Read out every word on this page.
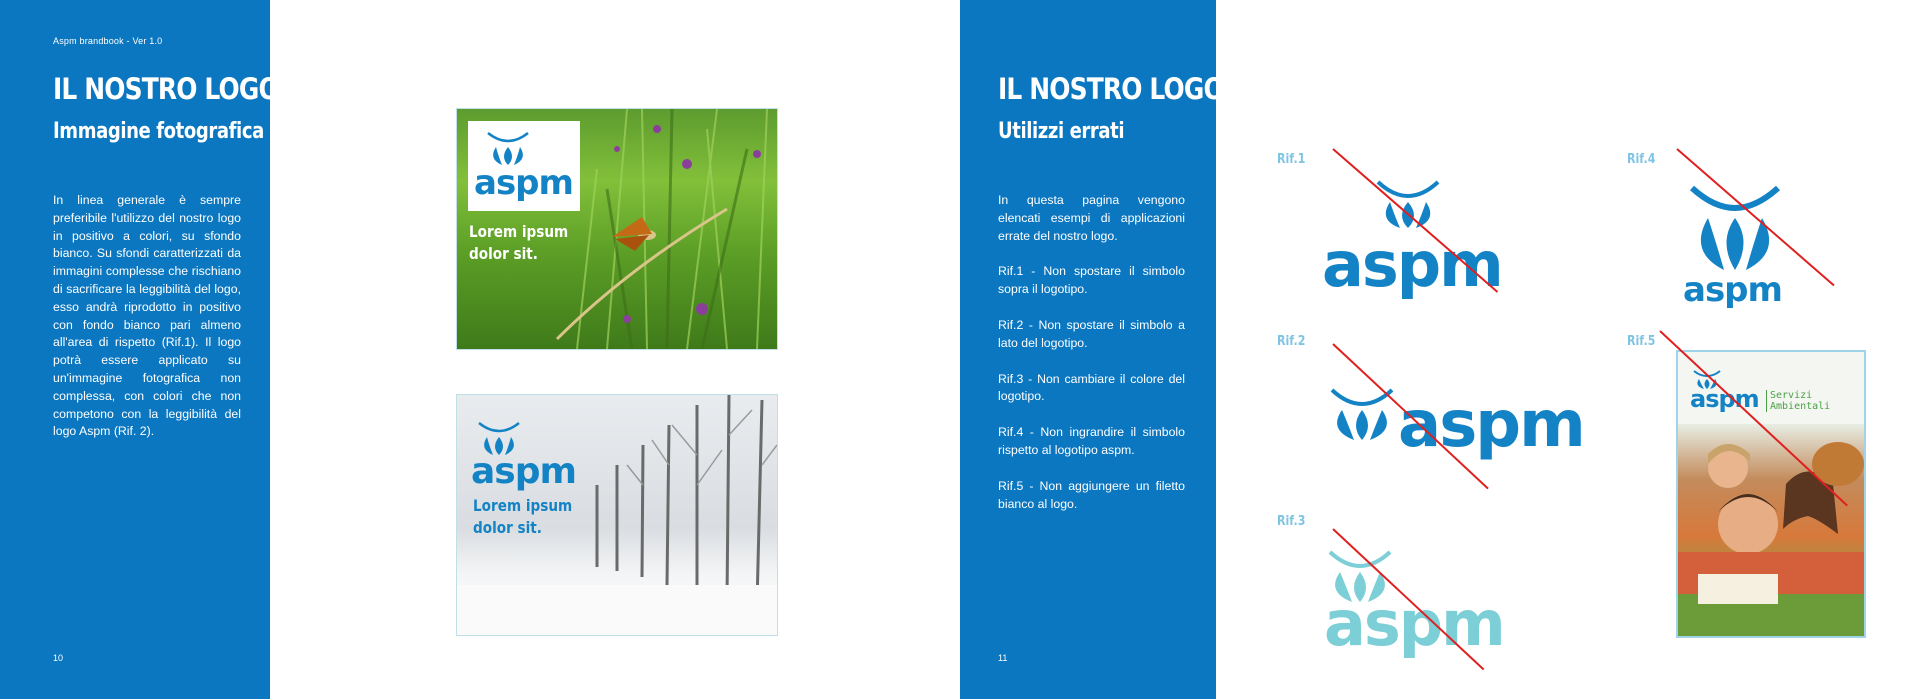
Aspm brandbook - Ver 1.0
IL NOSTRO LOGO
Immagine fotografica
In linea generale è sempre preferibile l'utilizzo del nostro logo in positivo a colori, su sfondo bianco. Su sfondi caratterizzati da immagini complesse che rischiano di sacrificare la leggibilità del logo, esso andrà riprodotto in positivo con fondo bianco pari almeno all'area di rispetto (Rif.1). Il logo potrà essere applicato su un'immagine fotografica non complessa, con colori che non competono con la leggibilità del logo Aspm (Rif. 2).
10
aspm
Lorem ipsum
dolor sit.
aspm
Lorem ipsum
dolor sit.
IL NOSTRO LOGO
Utilizzi errati

In questa pagina vengono elencati esempi di applicazioni errate del nostro logo.

Rif.1 - Non spostare il simbolo sopra il logotipo.

Rif.2 - Non spostare il simbolo a lato del logotipo.

Rif.3 - Non cambiare il colore del logotipo.

Rif.4 - Non ingrandire il simbolo rispetto al logotipo aspm.

Rif.5 - Non aggiungere un filetto bianco al logo.

11
Rif.1
aspm
Rif.2
aspm
Rif.3
aspm
Rif.4
aspm
Rif.5
aspm Servizi
Ambientali
